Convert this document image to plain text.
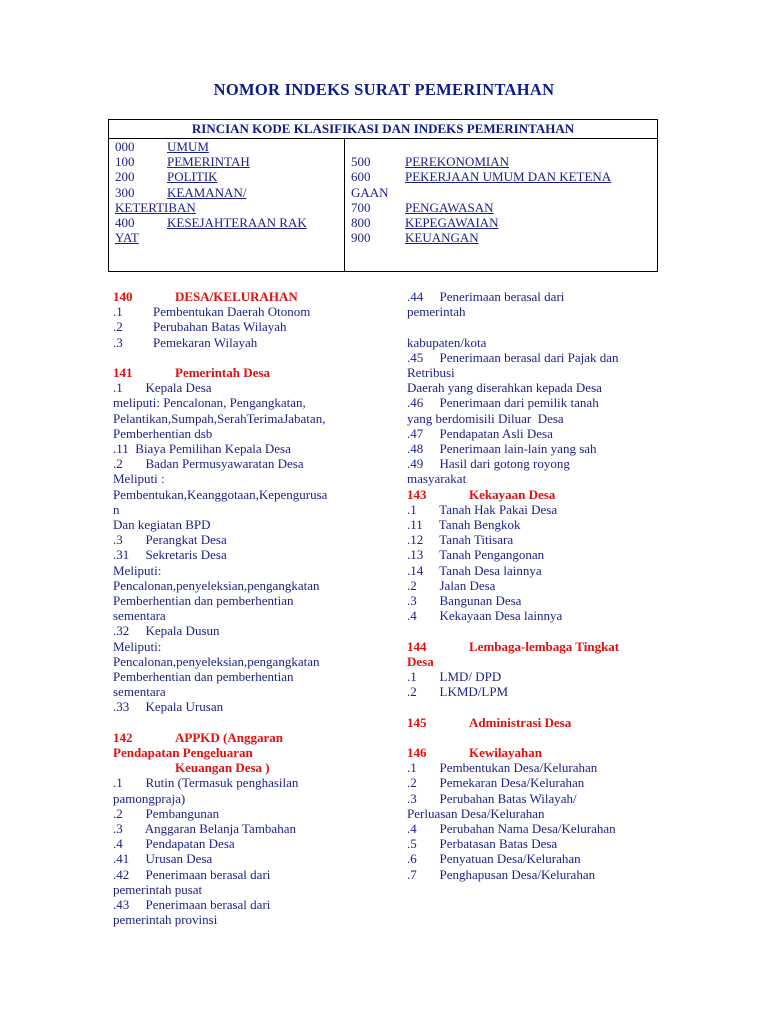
NOMOR INDEKS SURAT PEMERINTAHAN
RINCIAN KODE KLASIFIKASI DAN INDEKS PEMERINTAHAN
000	UMUM
100	PEMERINTAH
200	POLITIK
300	KEAMANAN/
KETERTIBAN
400	KESEJAHTERAAN RAK
YAT
500	PEREKONOMIAN
600	PEKERJAAN UMUM DAN KETENA
GAAN
700	PENGAWASAN
800	KEPEGAWAIAN
900	KEUANGAN
140	DESA/KELURAHAN
.1 Pembentukan Daerah Otonom
.2 Perubahan Batas Wilayah
.3 Pemekaran Wilayah
141	Pemerintah Desa
.1       Kepala Desa
meliputi: Pencalonan, Pengangkatan,
Pelantikan,Sumpah,SerahTerimaJabatan,
Pemberhentian dsb
.11  Biaya Pemilihan Kepala Desa
.2       Badan Permusyawaratan Desa
Meliputi :
Pembentukan,Keanggotaan,Kepengurusa
n
Dan kegiatan BPD
.3       Perangkat Desa
.31     Sekretaris Desa
Meliputi:
Pencalonan,penyeleksian,pengangkatan
Pemberhentian dan pemberhentian
sementara
.32     Kepala Dusun
Meliputi:
Pencalonan,penyeleksian,pengangkatan
Pemberhentian dan pemberhentian
sementara
.33     Kepala Urusan
142	APPKD (Anggaran
Pendapatan Pengeluaran
Keuangan Desa )
.1       Rutin (Termasuk penghasilan
pamongpraja)
.2       Pembangunan
.3       Anggaran Belanja Tambahan
.4       Pendapatan Desa
.41     Urusan Desa
.42     Penerimaan berasal dari
pemerintah pusat
.43     Penerimaan berasal dari
pemerintah provinsi
.44     Penerimaan berasal dari
pemerintah

kabupaten/kota
.45     Penerimaan berasal dari Pajak dan
Retribusi
Daerah yang diserahkan kepada Desa
.46     Penerimaan dari pemilik tanah
yang berdomisili Diluar  Desa
.47     Pendapatan Asli Desa
.48     Penerimaan lain-lain yang sah
.49     Hasil dari gotong royong
masyarakat
143	Kekayaan Desa
.1       Tanah Hak Pakai Desa
.11     Tanah Bengkok
.12     Tanah Titisara
.13     Tanah Pengangonan
.14     Tanah Desa lainnya
.2       Jalan Desa
.3       Bangunan Desa
.4       Kekayaan Desa lainnya
144	Lembaga-lembaga Tingkat
Desa
.1       LMD/ DPD
.2       LKMD/LPM
145	Administrasi Desa
146	Kewilayahan
.1       Pembentukan Desa/Kelurahan
.2       Pemekaran Desa/Kelurahan
.3       Perubahan Batas Wilayah/
Perluasan Desa/Kelurahan
.4       Perubahan Nama Desa/Kelurahan
.5       Perbatasan Batas Desa
.6       Penyatuan Desa/Kelurahan
.7       Penghapusan Desa/Kelurahan
